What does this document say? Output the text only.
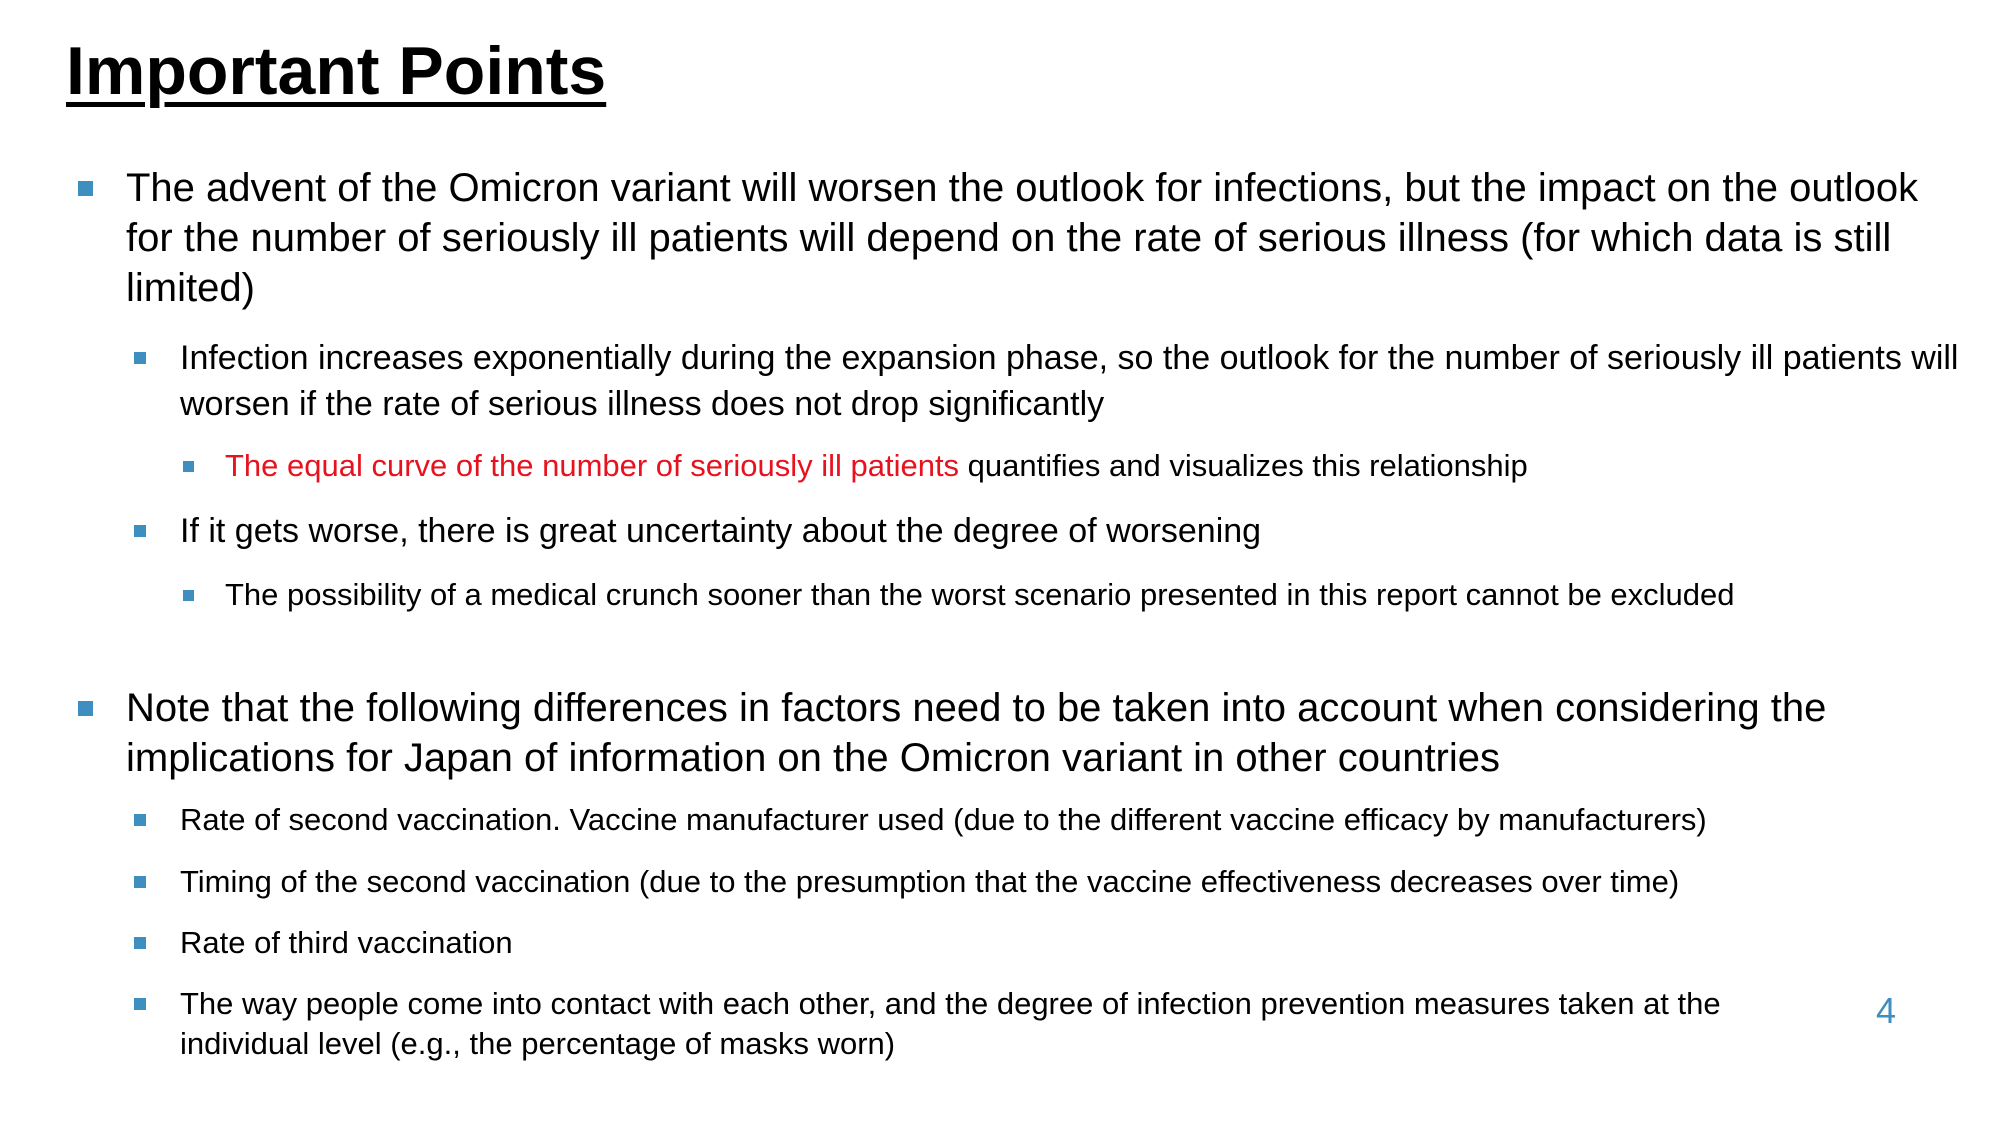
Important Points
The advent of the Omicron variant will worsen the outlook for infections, but the impact on the outlook for the number of seriously ill patients will depend on the rate of serious illness (for which data is still limited)
Infection increases exponentially during the expansion phase, so the outlook for the number of seriously ill patients will worsen if the rate of serious illness does not drop significantly
The equal curve of the number of seriously ill patients quantifies and visualizes this relationship
If it gets worse, there is great uncertainty about the degree of worsening
The possibility of a medical crunch sooner than the worst scenario presented in this report cannot be excluded
Note that the following differences in factors need to be taken into account when considering the implications for Japan of information on the Omicron variant in other countries
Rate of second vaccination. Vaccine manufacturer used (due to the different vaccine efficacy by manufacturers)
Timing of the second vaccination (due to the presumption that the vaccine effectiveness decreases over time)
Rate of third vaccination
The way people come into contact with each other, and the degree of infection prevention measures taken at the individual level (e.g., the percentage of masks worn)
4
